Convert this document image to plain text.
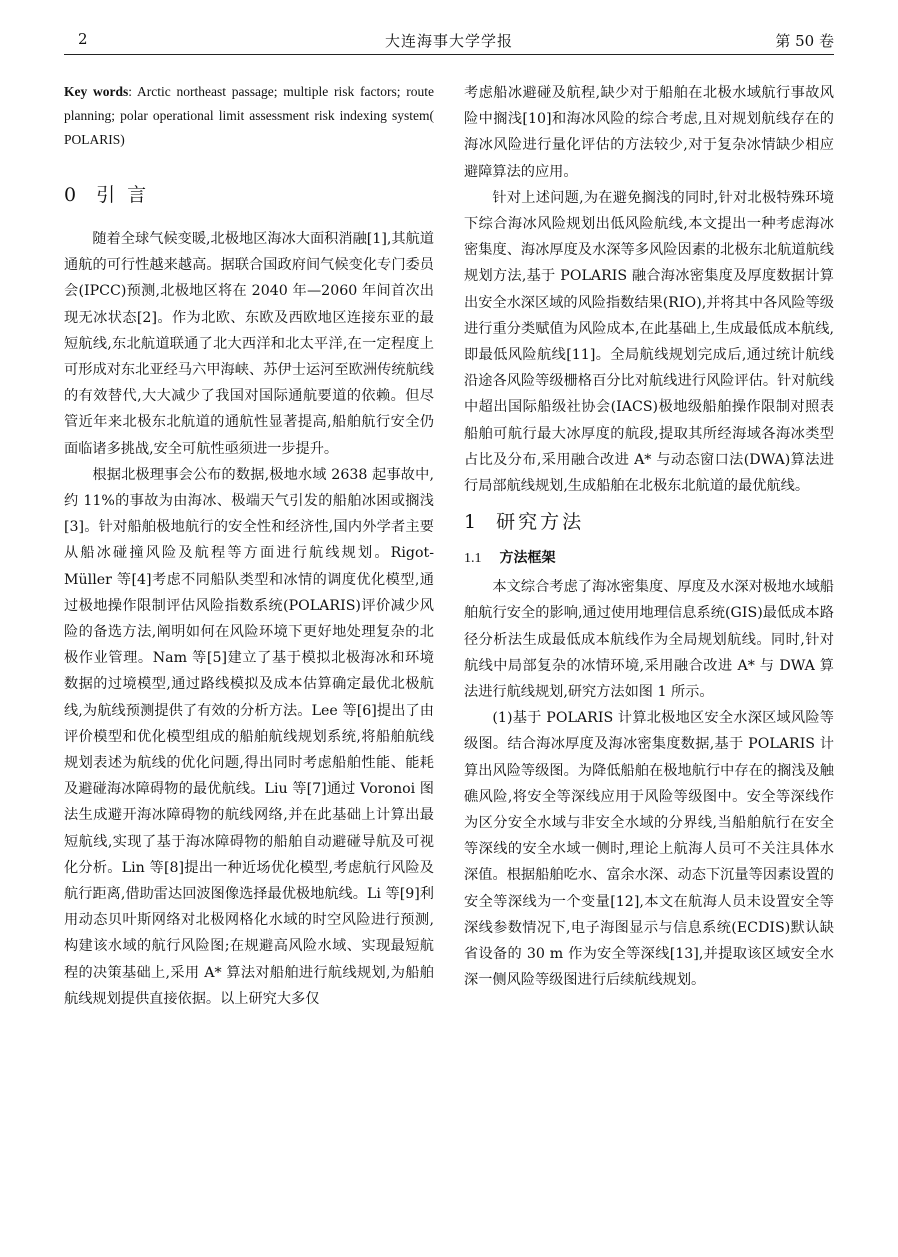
2	大连海事大学学报	第 50 卷

Key words: Arctic northeast passage; multiple risk factors; route planning; polar operational limit assessment risk indexing system( POLARIS)

0 引 言

随着全球气候变暖,北极地区海冰大面积消融[1],其航道通航的可行性越来越高。据联合国政府间气候变化专门委员会(IPCC)预测,北极地区将在 2040 年—2060 年间首次出现无冰状态[2]。作为北欧、东欧及西欧地区连接东亚的最短航线,东北航道联通了北大西洋和北太平洋,在一定程度上可形成对东北亚经马六甲海峡、苏伊士运河至欧洲传统航线的有效替代,大大减少了我国对国际通航要道的依赖。但尽管近年来北极东北航道的通航性显著提高,船舶航行安全仍面临诸多挑战,安全可航性亟须进一步提升。

根据北极理事会公布的数据,极地水域 2638 起事故中,约 11%的事故为由海冰、极端天气引发的船舶冰困或搁浅[3]。针对船舶极地航行的安全性和经济性,国内外学者主要从船冰碰撞风险及航程等方面进行航线规划。Rigot-Müller 等[4]考虑不同船队类型和冰情的调度优化模型,通过极地操作限制评估风险指数系统(POLARIS)评价减少风险的备选方法,阐明如何在风险环境下更好地处理复杂的北极作业管理。Nam 等[5]建立了基于模拟北极海冰和环境数据的过境模型,通过路线模拟及成本估算确定最优北极航线,为航线预测提供了有效的分析方法。Lee 等[6]提出了由评价模型和优化模型组成的船舶航线规划系统,将船舶航线规划表述为航线的优化问题,得出同时考虑船舶性能、能耗及避碰海冰障碍物的最优航线。Liu 等[7]通过 Voronoi 图法生成避开海冰障碍物的航线网络,并在此基础上计算出最短航线,实现了基于海冰障碍物的船舶自动避碰导航及可视化分析。Lin 等[8]提出一种近场优化模型,考虑航行风险及航行距离,借助雷达回波图像选择最优极地航线。Li 等[9]利用动态贝叶斯网络对北极网格化水域的时空风险进行预测,构建该水域的航行风险图;在规避高风险水域、实现最短航程的决策基础上,采用 A* 算法对船舶进行航线规划,为船舶航线规划提供直接依据。以上研究大多仅

考虑船冰避碰及航程,缺少对于船舶在北极水域航行事故风险中搁浅[10]和海冰风险的综合考虑,且对规划航线存在的海冰风险进行量化评估的方法较少,对于复杂冰情缺少相应避障算法的应用。

针对上述问题,为在避免搁浅的同时,针对北极特殊环境下综合海冰风险规划出低风险航线,本文提出一种考虑海冰密集度、海冰厚度及水深等多风险因素的北极东北航道航线规划方法,基于 POLARIS 融合海冰密集度及厚度数据计算出安全水深区域的风险指数结果(RIO),并将其中各风险等级进行重分类赋值为风险成本,在此基础上,生成最低成本航线,即最低风险航线[11]。全局航线规划完成后,通过统计航线沿途各风险等级栅格百分比对航线进行风险评估。针对航线中超出国际船级社协会(IACS)极地级船舶操作限制对照表船舶可航行最大冰厚度的航段,提取其所经海域各海冰类型占比及分布,采用融合改进 A* 与动态窗口法(DWA)算法进行局部航线规划,生成船舶在北极东北航道的最优航线。

1 研究方法
1.1 方法框架

本文综合考虑了海冰密集度、厚度及水深对极地水域船舶航行安全的影响,通过使用地理信息系统(GIS)最低成本路径分析法生成最低成本航线作为全局规划航线。同时,针对航线中局部复杂的冰情环境,采用融合改进 A* 与 DWA 算法进行航线规划,研究方法如图 1 所示。

(1)基于 POLARIS 计算北极地区安全水深区域风险等级图。结合海冰厚度及海冰密集度数据,基于 POLARIS 计算出风险等级图。为降低船舶在极地航行中存在的搁浅及触礁风险,将安全等深线应用于风险等级图中。安全等深线作为区分安全水域与非安全水域的分界线,当船舶航行在安全等深线的安全水域一侧时,理论上航海人员可不关注具体水深值。根据船舶吃水、富余水深、动态下沉量等因素设置的安全等深线为一个变量[12],本文在航海人员未设置安全等深线参数情况下,电子海图显示与信息系统(ECDIS)默认缺省设备的 30 m 作为安全等深线[13],并提取该区域安全水深一侧风险等级图进行后续航线规划。
